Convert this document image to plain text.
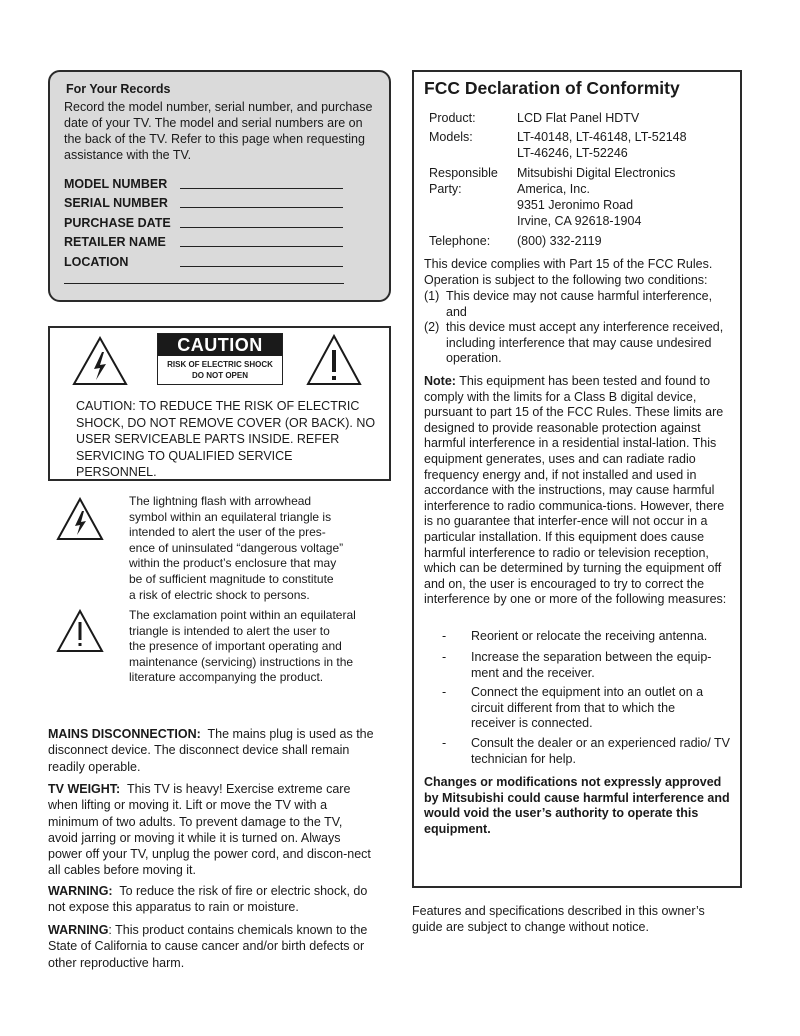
For Your Records
Record the model number, serial number, and purchase date of your TV. The model and serial numbers are on the back of the TV. Refer to this page when requesting assistance with the TV.
MODEL NUMBER
SERIAL NUMBER
PURCHASE DATE
RETAILER NAME
LOCATION
CAUTION
RISK OF ELECTRIC SHOCK
DO NOT OPEN
CAUTION: TO REDUCE THE RISK OF ELECTRIC SHOCK, DO NOT REMOVE COVER (OR BACK). NO USER SERVICEABLE PARTS INSIDE. REFER SERVICING TO QUALIFIED SERVICE PERSONNEL.
The lightning flash with arrowhead
symbol within an equilateral triangle is
intended to alert the user of the pres-
ence of uninsulated “dangerous voltage”
within the product’s enclosure that may
be of sufficient magnitude to constitute
a risk of electric shock to persons.
The exclamation point within an equilateral
triangle is intended to alert the user to
the presence of important operating and
maintenance (servicing) instructions in the
literature accompanying the product.
MAINS DISCONNECTION: The mains plug is used as the disconnect device. The disconnect device shall remain readily operable.
TV WEIGHT: This TV is heavy! Exercise extreme care when lifting or moving it. Lift or move the TV with a minimum of two adults. To prevent damage to the TV, avoid jarring or moving it while it is turned on. Always power off your TV, unplug the power cord, and discon-nect all cables before moving it.
WARNING: To reduce the risk of fire or electric shock, do not expose this apparatus to rain or moisture.
WARNING: This product contains chemicals known to the State of California to cause cancer and/or birth defects or other reproductive harm.
FCC Declaration of Conformity
Product:	LCD Flat Panel HDTV
Models:	LT-40148, LT-46148, LT-52148
LT-46246, LT-52246
Responsible
Party:
Mitsubishi Digital Electronics
America, Inc.
9351 Jeronimo Road
Irvine, CA 92618-1904
Telephone: (800) 332-2119
This device complies with Part 15 of the FCC Rules. Operation is subject to the following two conditions:
(1) This device may not cause harmful interference, and
(2) this device must accept any interference received, including interference that may cause undesired operation.
Note: This equipment has been tested and found to comply with the limits for a Class B digital device, pursuant to part 15 of the FCC Rules. These limits are designed to provide reasonable protection against harmful interference in a residential instal-lation. This equipment generates, uses and can radiate radio frequency energy and, if not installed and used in accordance with the instructions, may cause harmful interference to radio communica-tions. However, there is no guarantee that interfer-ence will not occur in a particular installation. If this equipment does cause harmful interference to radio or television reception, which can be determined by turning the equipment off and on, the user is encouraged to try to correct the interference by one or more of the following measures:
- Reorient or relocate the receiving antenna.
- Increase the separation between the equip-ment and the receiver.
- Connect the equipment into an outlet on a circuit different from that to which the receiver is connected.
- Consult the dealer or an experienced radio/ TV technician for help.
Changes or modifications not expressly approved by Mitsubishi could cause harmful interference and would void the user’s authority to operate this equipment.
Features and specifications described in this owner’s guide are subject to change without notice.
